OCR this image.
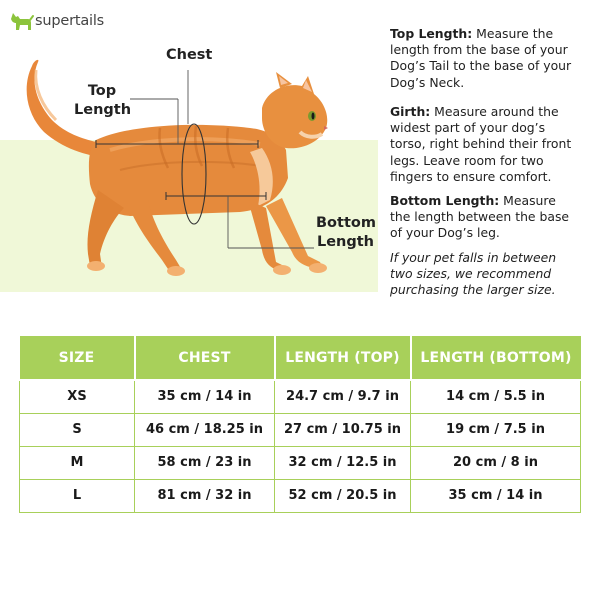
supertails
Top
Length
Chest
Bottom
Length
Top Length: Measure the length from the base of your Dog’s Tail to the base of your Dog’s Neck.
Girth: Measure around the widest part of your dog’s torso, right behind their front legs. Leave room for two fingers to ensure comfort.
Bottom Length: Measure the length between the base of your Dog’s leg.
If your pet falls in between two sizes, we recommend purchasing the larger size.
SIZE	CHEST	LENGTH (TOP)	LENGTH (BOTTOM)
XS	35 cm / 14 in	24.7 cm / 9.7 in	14 cm / 5.5 in
S	46 cm / 18.25 in	27 cm / 10.75 in	19 cm / 7.5 in
M	58 cm / 23 in	32 cm / 12.5 in	20 cm / 8 in
L	81 cm / 32 in	52 cm / 20.5 in	35 cm / 14 in
